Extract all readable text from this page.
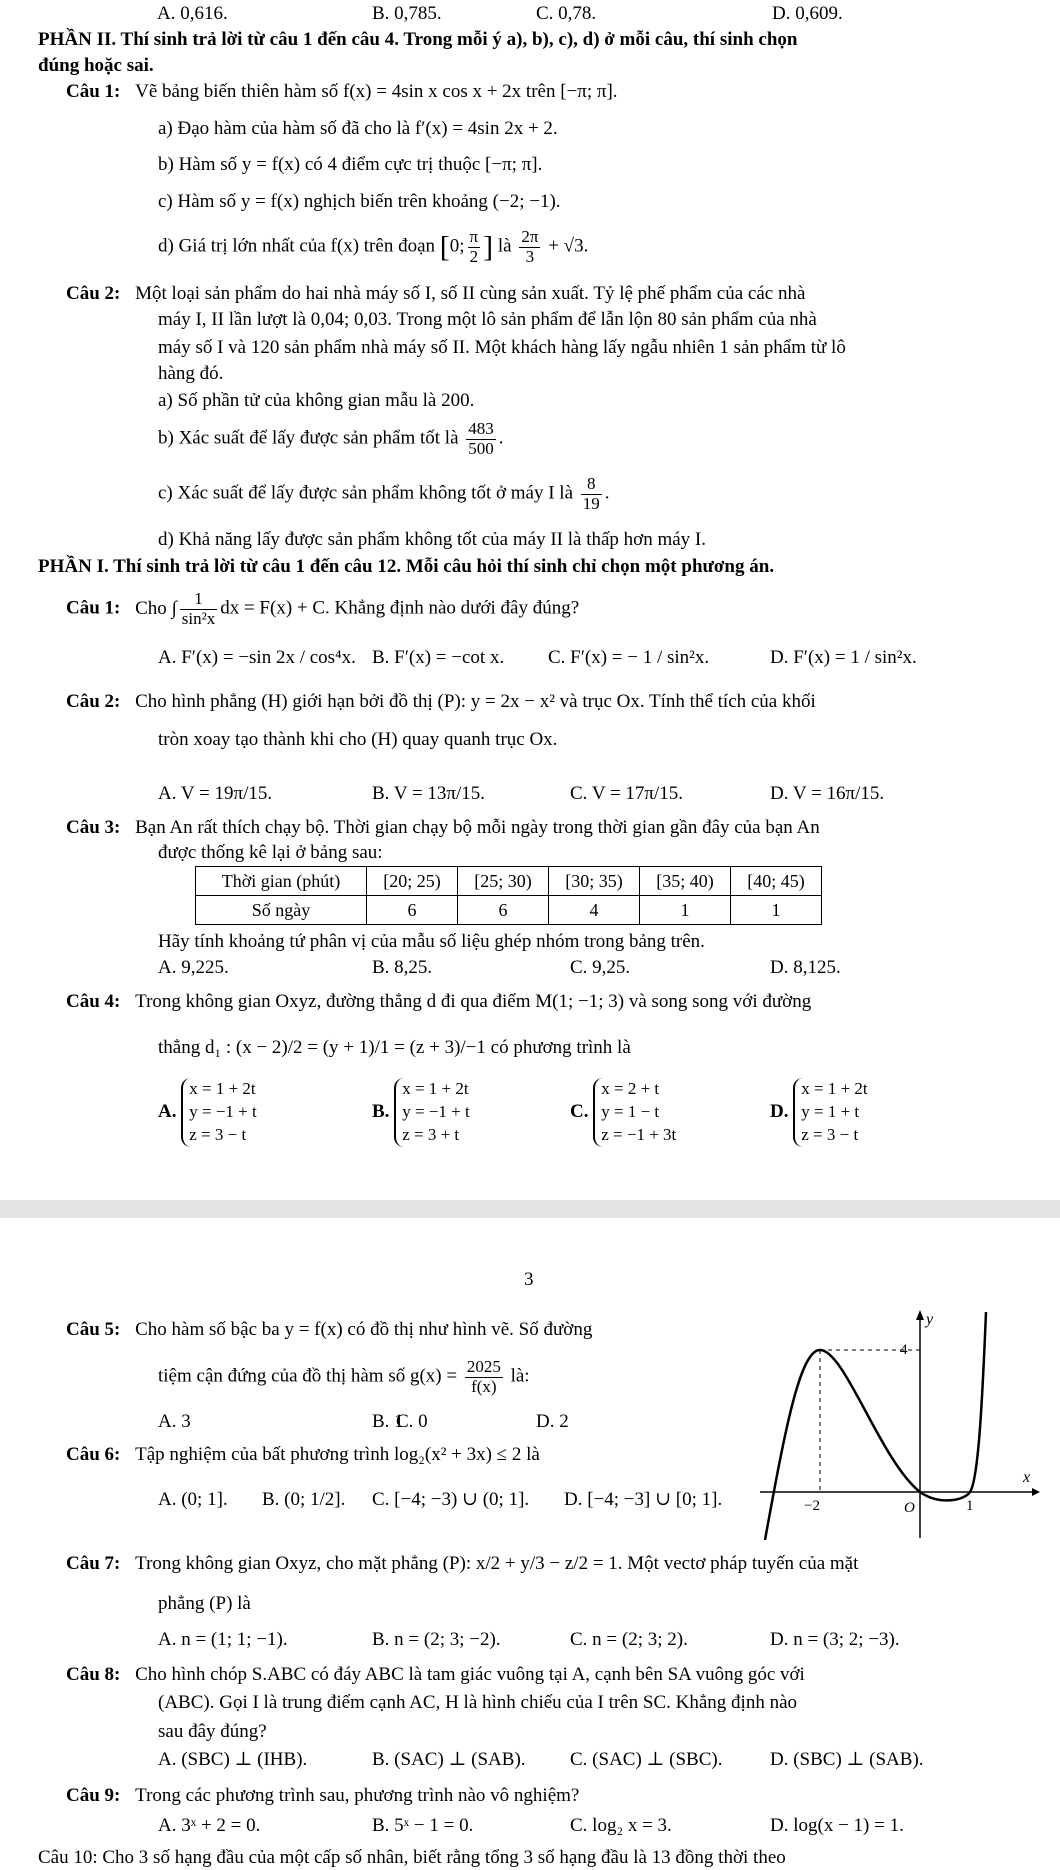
A. 0,616.	B. 0,785.	C. 0,78.	D. 0,609.
PHẦN II. Thí sinh trả lời từ câu 1 đến câu 4. Trong mỗi ý a), b), c), d) ở mỗi câu, thí sinh chọn
đúng hoặc sai.
Câu 1: Vẽ bảng biến thiên hàm số f(x) = 4sin x cos x + 2x trên [−π; π].
a) Đạo hàm của hàm số đã cho là f′(x) = 4sin 2x + 2.
b) Hàm số y = f(x) có 4 điểm cực trị thuộc [−π; π].
c) Hàm số y = f(x) nghịch biến trên khoảng (−2; −1).
d) Giá trị lớn nhất của f(x) trên đoạn [0; $\frac{\pi}{2}$ ] là $\frac{2\pi}{3} + √3$.
Câu 2: Một loại sản phẩm do hai nhà máy số I, số II cùng sản xuất. Tỷ lệ phế phẩm của các nhà
máy I, II lần lượt là 0,04; 0,03. Trong một lô sản phẩm để lẫn lộn 80 sản phẩm của nhà
máy số I và 120 sản phẩm nhà máy số II. Một khách hàng lấy ngẫu nhiên 1 sản phẩm từ lô
hàng đó.
a) Số phần tử của không gian mẫu là 200.
b) Xác suất để lấy được sản phẩm tốt là $\frac{483}{500}$ .
c) Xác suất để lấy được sản phẩm không tốt ở máy I là $\frac{8}{19}$ .
d) Khả năng lấy được sản phẩm không tốt của máy II là thấp hơn máy I.
PHẦN I. Thí sinh trả lời từ câu 1 đến câu 12. Mỗi câu hỏi thí sinh chỉ chọn một phương án.
Câu 1: Cho ∫ $\frac{1}{\text{sin²x}}$ dx = F(x) + C. Khẳng định nào dưới đây đúng?
A. F′(x) = −sin 2x / cos⁴x. B. F′(x) = −cot x. C. F′(x) = − 1 / sin²x.	D. F′(x) = 1 / sin²x.
Câu 2: Cho hình phẳng (H) giới hạn bởi đồ thị (P): y = 2x − x² và trục Ox. Tính thể tích của khối
tròn xoay tạo thành khi cho (H) quay quanh trục Ox.
A. V = 19π/15.	B. V = 13π/15.	C. V = 17π/15.	D. V = 16π/15.
Câu 3: Bạn An rất thích chạy bộ. Thời gian chạy bộ mỗi ngày trong thời gian gần đây của bạn An
được thống kê lại ở bảng sau:
Thời gian (phút)	[20; 25)	[25; 30)	[30; 35)	[35; 40)	[40; 45)
Số ngày	6	6	4	1	1
Hãy tính khoảng tứ phân vị của mẫu số liệu ghép nhóm trong bảng trên.
A. 9,225.	B. 8,25.	C. 9,25.	D. 8,125.
Câu 4: Trong không gian Oxyz, đường thẳng d đi qua điểm M(1; −1; 3) và song song với đường
thẳng d₁ : (x − 2)/2 = (y + 1)/1 = (z + 3)/−1 có phương trình là
A. x = 1 + 2t
y = −1 + t
z = 3 − t
B. x = 1 + 2t
y = −1 + t
z = 3 + t
C. x = 2 + t
y = 1 − t
z = −1 + 3t
D. x = 1 + 2t
y = 1 + t
z = 3 − t
3
Câu 5: Cho hàm số bậc ba y = f(x) có đồ thị như hình vẽ. Số đường
tiệm cận đứng của đồ thị hàm số $g(x) = \frac{2025}{f(x)}$ là:
A. 3	B. 1
C. 0	D. 2
y
x
4
−2	O	1
Câu 6: Tập nghiệm của bất phương trình log₂(x² + 3x) ≤ 2 là
A. (0; 1]. B. (0; 1/2]. C. [−4; −3) ∪ (0; 1]. D. [−4; −3] ∪ [0; 1].
Câu 7: Trong không gian Oxyz, cho mặt phẳng (P): x/2 + y/3 − z/2 = 1. Một vectơ pháp tuyến của mặt
phẳng (P) là
A. n = (1; 1; −1).	B. n = (2; 3; −2).	C. n = (2; 3; 2).	D. n = (3; 2; −3).
Câu 8: Cho hình chóp S.ABC có đáy ABC là tam giác vuông tại A, cạnh bên SA vuông góc với
(ABC). Gọi I là trung điểm cạnh AC, H là hình chiếu của I trên SC. Khẳng định nào
sau đây đúng?
A. (SBC) ⊥ (IHB).	B. (SAC) ⊥ (SAB). C. (SAC) ⊥ (SBC).	D. (SBC) ⊥ (SAB).
Câu 9: Trong các phương trình sau, phương trình nào vô nghiệm?
A. 3ˣ + 2 = 0.	B. 5ˣ − 1 = 0.	C. log₂ x = 3.	D. log(x − 1) = 1.
Câu 10: Cho 3 số hạng đầu của một cấp số nhân, biết rằng tổng 3 số hạng đầu là 13 đồng thời theo
